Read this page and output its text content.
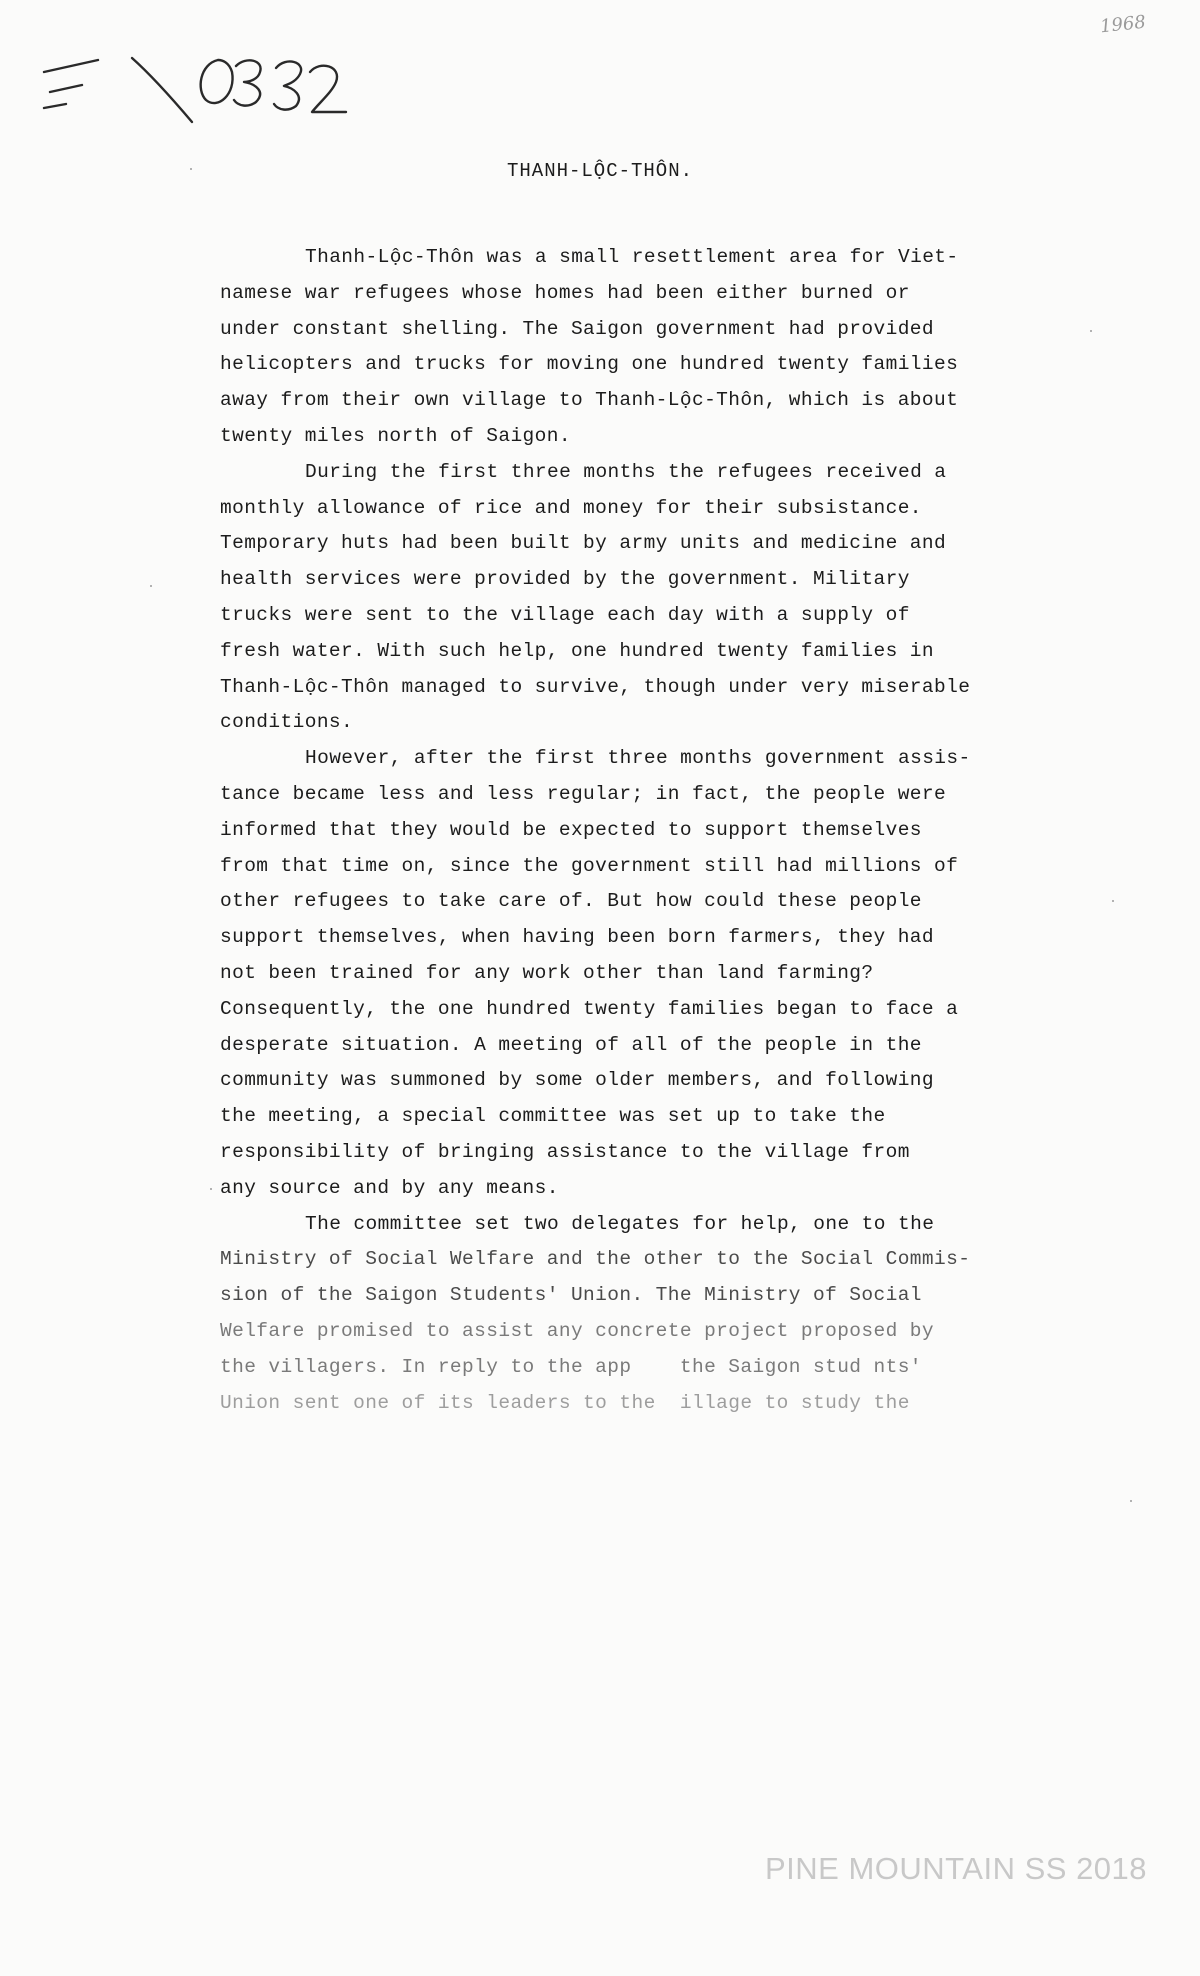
1968
THANH-LỘC-THÔN.
Thanh-Lộc-Thôn was a small resettlement area for Viet-
namese war refugees whose homes had been either burned or
under constant shelling. The Saigon government had provided
helicopters and trucks for moving one hundred twenty families
away from their own village to Thanh-Lộc-Thôn, which is about
twenty miles north of Saigon.
During the first three months the refugees received a
monthly allowance of rice and money for their subsistance.
Temporary huts had been built by army units and medicine and
health services were provided by the government. Military
trucks were sent to the village each day with a supply of
fresh water. With such help, one hundred twenty families in
Thanh-Lộc-Thôn managed to survive, though under very miserable
conditions.
However, after the first three months government assis-
tance became less and less regular; in fact, the people were
informed that they would be expected to support themselves
from that time on, since the government still had millions of
other refugees to take care of. But how could these people
support themselves, when having been born farmers, they had
not been trained for any work other than land farming?
Consequently, the one hundred twenty families began to face a
desperate situation. A meeting of all of the people in the
community was summoned by some older members, and following
the meeting, a special committee was set up to take the
responsibility of bringing assistance to the village from
any source and by any means.
The committee set two delegates for help, one to the
Ministry of Social Welfare and the other to the Social Commis-
sion of the Saigon Students' Union. The Ministry of Social
Welfare promised to assist any concrete project proposed by
the villagers. In reply to the app    the Saigon stud nts'
Union sent one of its leaders to the  illage to study the
PINE MOUNTAIN SS 2018
